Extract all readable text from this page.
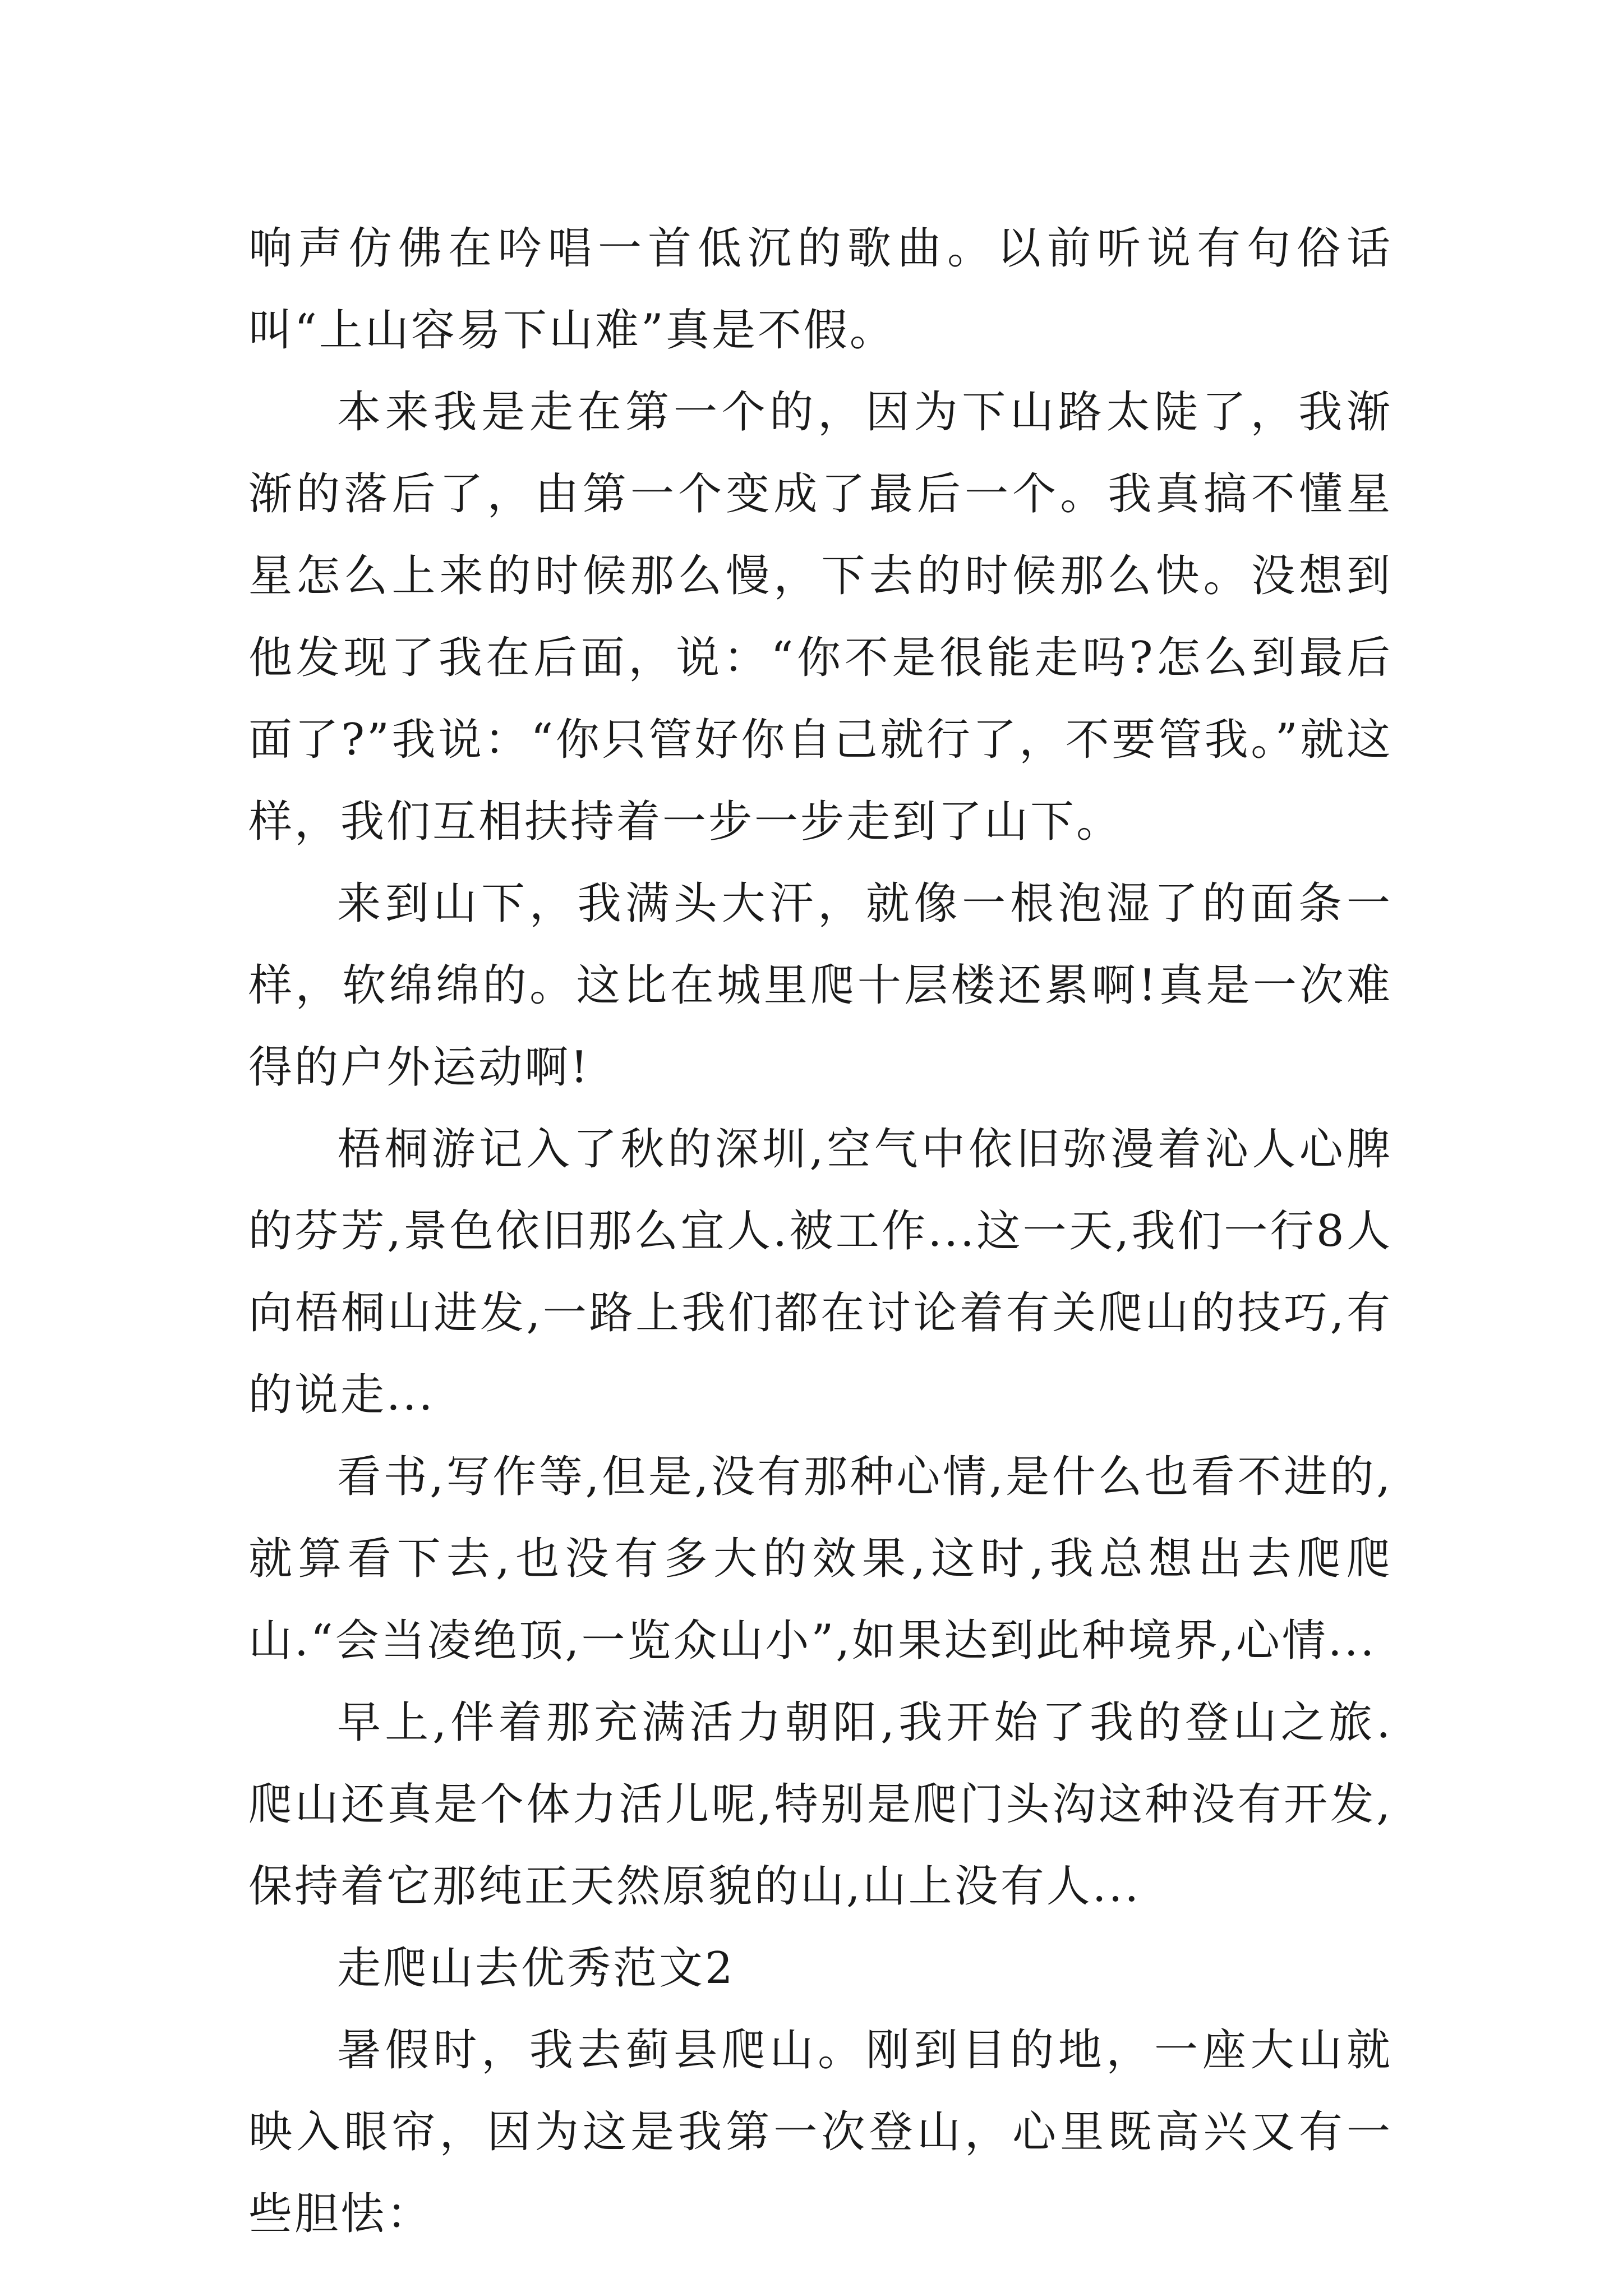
响声仿佛在吟唱一首低沉的歌曲。以前听说有句俗话叫“上山容易下山难”真是不假。

本来我是走在第一个的，因为下山路太陡了，我渐渐的落后了，由第一个变成了最后一个。我真搞不懂星星怎么上来的时候那么慢，下去的时候那么快。没想到他发现了我在后面，说：“你不是很能走吗?怎么到最后面了?”我说：“你只管好你自己就行了，不要管我。”就这样，我们互相扶持着一步一步走到了山下。

来到山下，我满头大汗，就像一根泡湿了的面条一样，软绵绵的。这比在城里爬十层楼还累啊!真是一次难得的户外运动啊!

梧桐游记入了秋的深圳,空气中依旧弥漫着沁人心脾的芬芳,景色依旧那么宜人.被工作...这一天,我们一行8人向梧桐山进发,一路上我们都在讨论着有关爬山的技巧,有的说走...

看书,写作等,但是,没有那种心情,是什么也看不进的,就算看下去,也没有多大的效果,这时,我总想出去爬爬山.“会当凌绝顶,一览众山小”,如果达到此种境界,心情...

早上,伴着那充满活力朝阳,我开始了我的登山之旅.爬山还真是个体力活儿呢,特别是爬门头沟这种没有开发,保持着它那纯正天然原貌的山,山上没有人...

走爬山去优秀范文2

暑假时，我去蓟县爬山。刚到目的地，一座大山就映入眼帘，因为这是我第一次登山，心里既高兴又有一些胆怯：
